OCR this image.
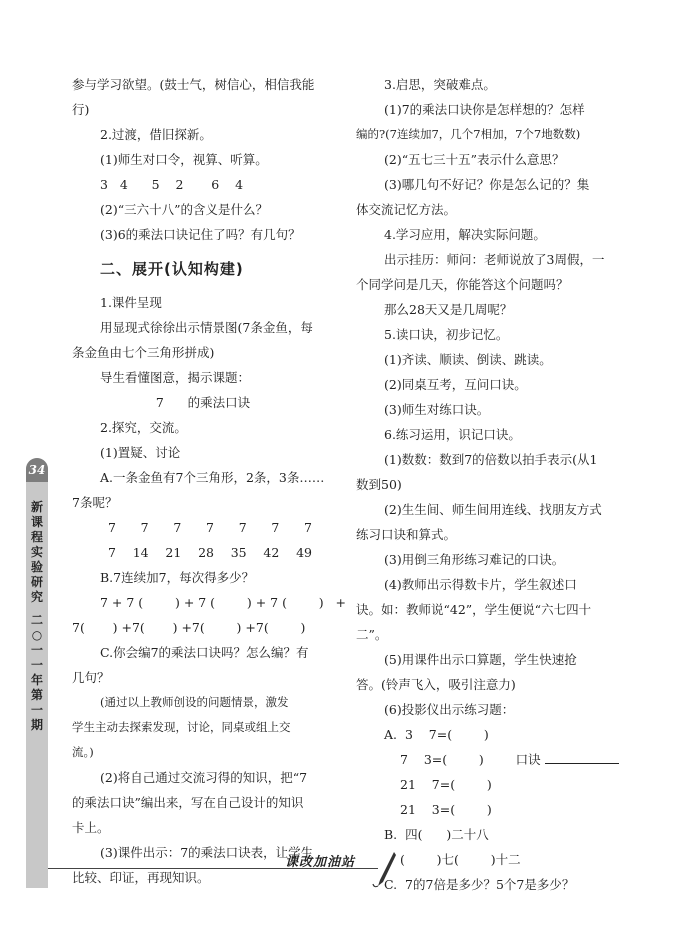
参与学习欲望。(鼓士气，树信心，相信我能
行)
2.过渡，借旧探新。
(1)师生对口令，视算、听算。
3   4      5    2       6    4
(2)“三六十八”的含义是什么？
(3)6的乘法口诀记住了吗？有几句？
二、展开(认知构建)
1.课件呈现
用显现式徐徐出示情景图(7条金鱼，每
条金鱼由七个三角形拼成)
导生看懂图意，揭示课题：
7      的乘法口诀
2.探究，交流。
(1)置疑、讨论
A.一条金鱼有7个三角形，2条，3条……
7条呢？
7 7 7 7 7 7 7
7 14 21 28 35 42 49
B.7连续加7，每次得多少？
7 + 7 (        ) + 7 (        ) + 7 (        )   +
7(       ) +7(       ) +7(        ) +7(        )
C.你会编7的乘法口诀吗？怎么编？有
几句？
(通过以上教师创设的问题情景，激发
学生主动去探索发现，讨论，同桌或组上交
流。)
(2)将自己通过交流习得的知识，把“7
的乘法口诀”编出来，写在自己设计的知识
卡上。
(3)课件出示：7的乘法口诀表，让学生
比较、印证，再现知识。
3.启思，突破难点。
(1)7的乘法口诀你是怎样想的？怎样
编的?(7连续加7，几个7相加，7个7地数数)
(2)“五七三十五”表示什么意思？
(3)哪几句不好记？你是怎么记的？集
体交流记忆方法。
4.学习应用，解决实际问题。
出示挂历：师问：老师说放了3周假，一
个同学问是几天，你能答这个问题吗？
那么28天又是几周呢？
5.读口诀，初步记忆。
(1)齐读、顺读、倒读、跳读。
(2)同桌互考，互问口诀。
(3)师生对练口诀。
6.练习运用，识记口诀。
(1)数数：数到7的倍数以拍手表示(从1
数到50)
(2)生生间、师生间用连线、找朋友方式
练习口诀和算式。
(3)用倒三角形练习难记的口诀。
(4)教师出示得数卡片，学生叙述口
诀。如：教师说“42”，学生便说“六七四十
二”。
(5)用课件出示口算题，学生快速抢
答。(铃声飞入，吸引注意力)
(6)投影仪出示练习题：
A.  3    7=(        )
7    3=(        )        口诀
21    7=(        )
21    3=(        )
B.  四(      )二十八
(        )七(        )十二
C.  7的7倍是多少？5个7是多少？
34
新
课
程
实
验
研
究
二
○
一
一
年
第
一
期
课改加油站
